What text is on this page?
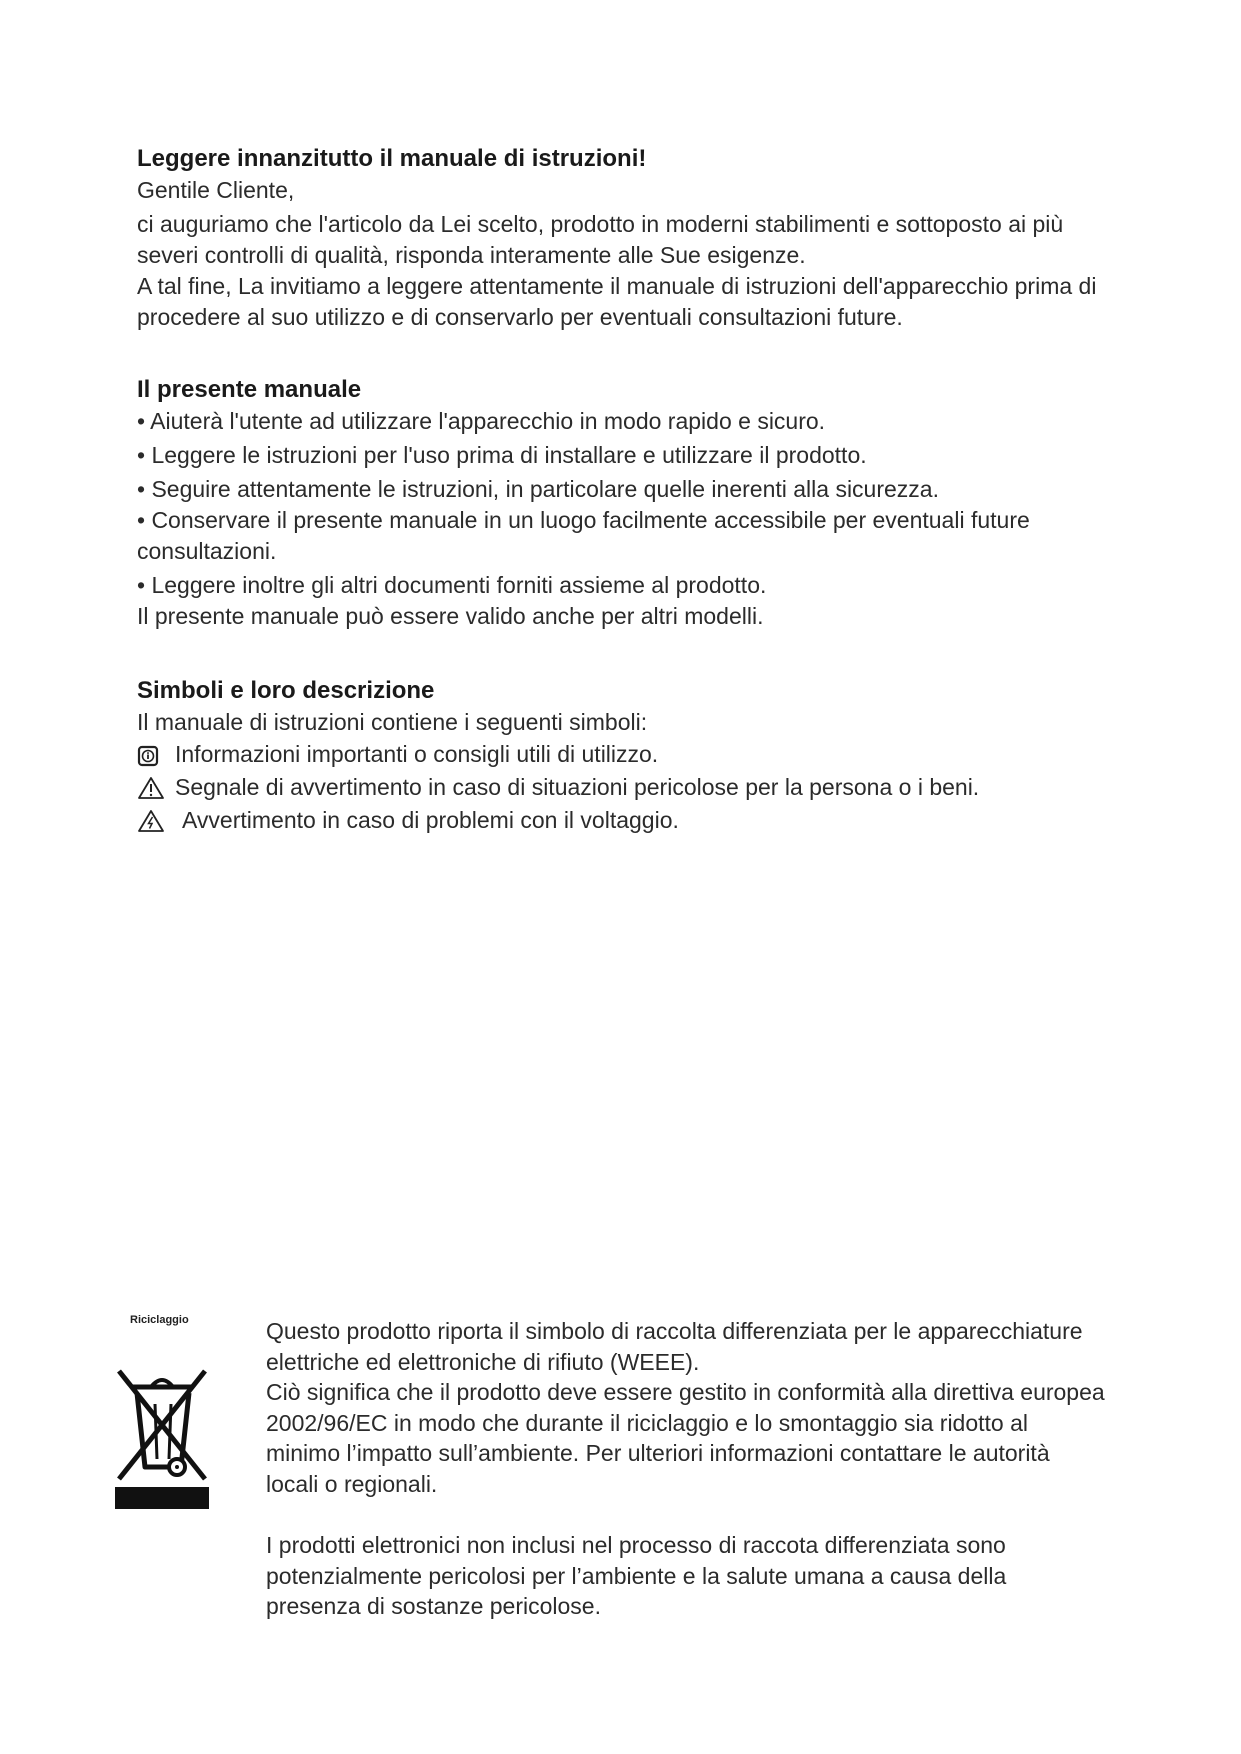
Leggere innanzitutto il manuale di istruzioni!

Gentile Cliente,

ci auguriamo che l'articolo da Lei scelto, prodotto in moderni stabilimenti e sottoposto ai più severi controlli di qualità, risponda interamente alle Sue esigenze.

A tal fine, La invitiamo a leggere attentamente il manuale di istruzioni dell'apparecchio prima di procedere al suo utilizzo e di conservarlo per eventuali consultazioni future.

Il presente manuale

• Aiuterà l'utente ad utilizzare l'apparecchio in modo rapido e sicuro.

• Leggere le istruzioni per l'uso prima di installare e utilizzare il prodotto.

• Seguire attentamente le istruzioni, in particolare quelle inerenti alla sicurezza.

• Conservare il presente manuale in un luogo facilmente accessibile per eventuali future consultazioni.

• Leggere inoltre gli altri documenti forniti assieme al prodotto.

Il presente manuale può essere valido anche per altri modelli.

Simboli e loro descrizione

Il manuale di istruzioni contiene i seguenti simboli:

Informazioni importanti o consigli utili di utilizzo.
Segnale di avvertimento in caso di situazioni pericolose per la persona o i beni.
Avvertimento in caso di problemi con il voltaggio.
Riciclaggio	Questo prodotto riporta il simbolo di raccolta differenziata per le apparecchiature elettriche ed elettroniche di rifiuto (WEEE).

Ciò significa che il prodotto deve essere gestito in conformità alla direttiva europea 2002/96/EC in modo che durante il riciclaggio e lo smontaggio sia ridotto al minimo l’impatto sull’ambiente. Per ulteriori informazioni contattare le autorità locali o regionali.

I prodotti elettronici non inclusi nel processo di raccota differenziata sono potenzialmente pericolosi per l’ambiente e la salute umana a causa della presenza di sostanze pericolose.
